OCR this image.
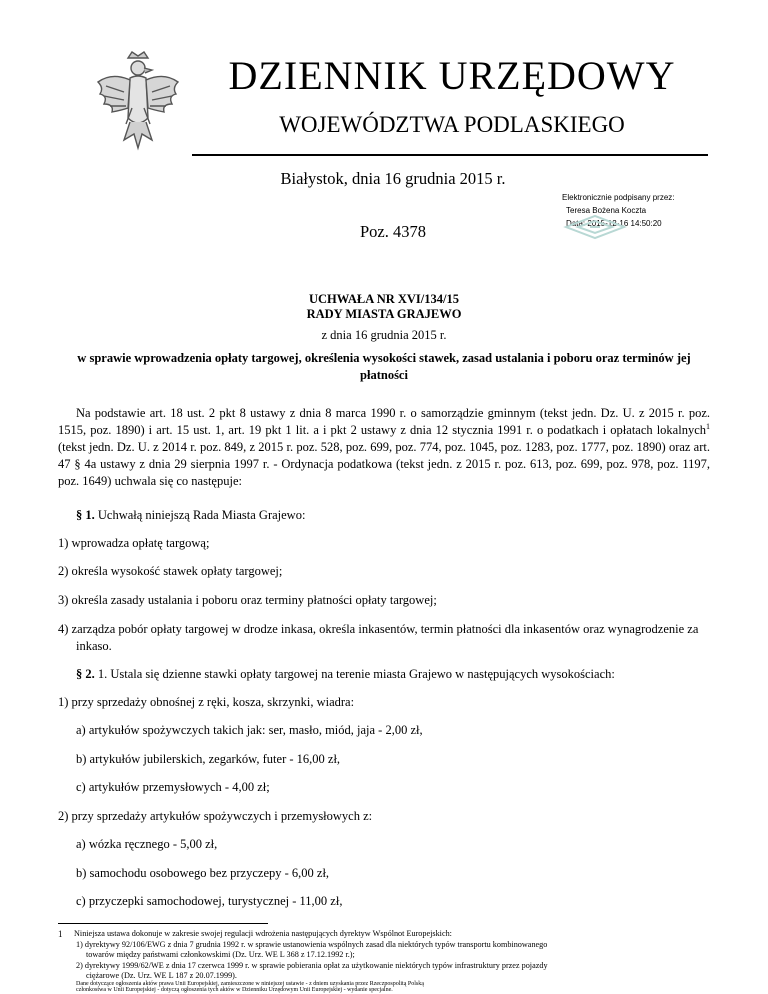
DZIENNIK URZĘDOWY
WOJEWÓDZTWA PODLASKIEGO
Białystok, dnia 16 grudnia 2015 r.
Poz. 4378
Elektronicznie podpisany przez:
Teresa Bożena Koczta
Data: 2015-12-16 14:50:20
UCHWAŁA NR XVI/134/15
RADY MIASTA GRAJEWO
z dnia 16 grudnia 2015 r.
w sprawie wprowadzenia opłaty targowej, określenia wysokości stawek, zasad ustalania i poboru oraz terminów jej płatności

Na podstawie art. 18 ust. 2 pkt 8 ustawy z dnia 8 marca 1990 r. o samorządzie gminnym (tekst jedn. Dz. U. z 2015 r. poz. 1515, poz. 1890) i art. 15 ust. 1, art. 19 pkt 1 lit. a i pkt 2 ustawy z dnia 12 stycznia 1991 r. o podatkach i opłatach lokalnych$^1$ (tekst jedn. Dz. U. z 2014 r. poz. 849, z 2015 r. poz. 528, poz. 699, poz. 774, poz. 1045, poz. 1283, poz. 1777, poz. 1890) oraz art. 47 § 4a ustawy z dnia 29 sierpnia 1997 r. - Ordynacja podatkowa (tekst jedn. z 2015 r. poz. 613, poz. 699, poz. 978, poz. 1197, poz. 1649) uchwala się co następuje:

§ 1. Uchwałą niniejszą Rada Miasta Grajewo:
1) wprowadza opłatę targową;
2) określa wysokość stawek opłaty targowej;
3) określa zasady ustalania i poboru oraz terminy płatności opłaty targowej;
4) zarządza pobór opłaty targowej w drodze inkasa, określa inkasentów, termin płatności dla inkasentów oraz wynagrodzenie za inkaso.
§ 2. 1. Ustala się dzienne stawki opłaty targowej na terenie miasta Grajewo w następujących wysokościach:
1) przy sprzedaży obnośnej z ręki, kosza, skrzynki, wiadra:
a) artykułów spożywczych takich jak: ser, masło, miód, jaja - 2,00 zł,
b) artykułów jubilerskich, zegarków, futer - 16,00 zł,
c) artykułów przemysłowych - 4,00 zł;
2) przy sprzedaży artykułów spożywczych i przemysłowych z:
a) wózka ręcznego - 5,00 zł,
b) samochodu osobowego bez przyczepy - 6,00 zł,
c) przyczepki samochodowej, turystycznej - 11,00 zł,
1	Niniejsza ustawa dokonuje w zakresie swojej regulacji wdrożenia następujących dyrektyw Wspólnot Europejskich:

1) dyrektywy 92/106/EWG z dnia 7 grudnia 1992 r. w sprawie ustanowienia wspólnych zasad dla niektórych typów transportu kombinowanego

towarów między państwami członkowskimi (Dz. Urz. WE L 368 z 17.12.1992 r.);

2) dyrektywy 1999/62/WE z dnia 17 czerwca 1999 r. w sprawie pobierania opłat za użytkowanie niektórych typów infrastruktury przez pojazdy

ciężarowe (Dz. Urz. WE L 187 z 20.07.1999).

Dane dotyczące ogłoszenia aktów prawa Unii Europejskiej, zamieszczone w niniejszej ustawie - z dniem uzyskania przez Rzeczpospolitą Polską

członkostwa w Unii Europejskiej - dotyczą ogłoszenia tych aktów w Dzienniku Urzędowym Unii Europejskiej - wydanie specjalne.
